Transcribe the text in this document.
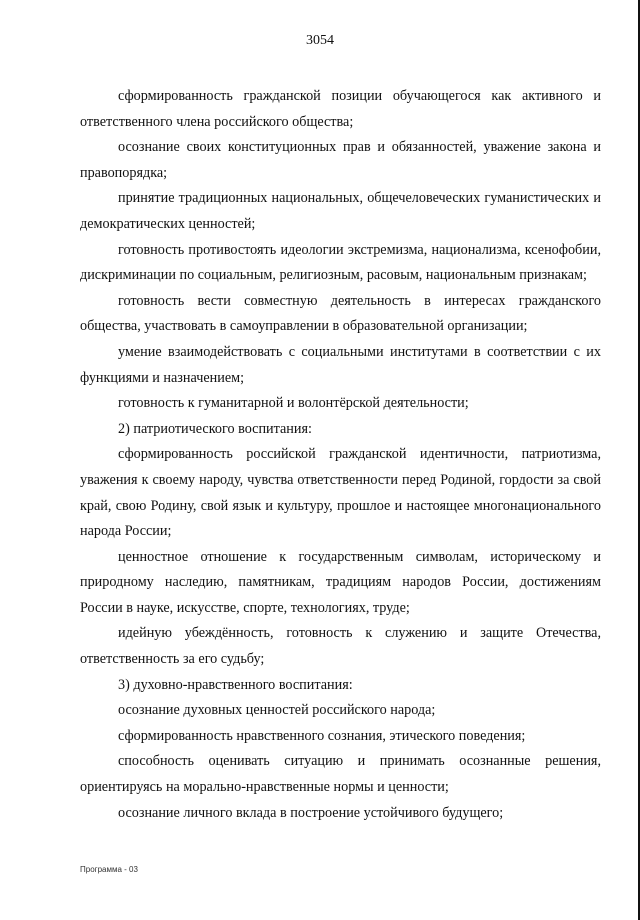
3054

сформированность гражданской позиции обучающегося как активного и ответственного члена российского общества;

осознание своих конституционных прав и обязанностей, уважение закона и правопорядка;

принятие традиционных национальных, общечеловеческих гуманистических и демократических ценностей;

готовность противостоять идеологии экстремизма, национализма, ксенофобии, дискриминации по социальным, религиозным, расовым, национальным признакам;

готовность вести совместную деятельность в интересах гражданского общества, участвовать в самоуправлении в образовательной организации;

умение взаимодействовать с социальными институтами в соответствии с их функциями и назначением;

готовность к гуманитарной и волонтёрской деятельности;

2) патриотического воспитания:

сформированность российской гражданской идентичности, патриотизма, уважения к своему народу, чувства ответственности перед Родиной, гордости за свой край, свою Родину, свой язык и культуру, прошлое и настоящее многонационального народа России;

ценностное отношение к государственным символам, историческому и природному наследию, памятникам, традициям народов России, достижениям России в науке, искусстве, спорте, технологиях, труде;

идейную убеждённость, готовность к служению и защите Отечества, ответственность за его судьбу;

3) духовно-нравственного воспитания:

осознание духовных ценностей российского народа;

сформированность нравственного сознания, этического поведения;

способность оценивать ситуацию и принимать осознанные решения, ориентируясь на морально-нравственные нормы и ценности;

осознание личного вклада в построение устойчивого будущего;

Программа - 03
